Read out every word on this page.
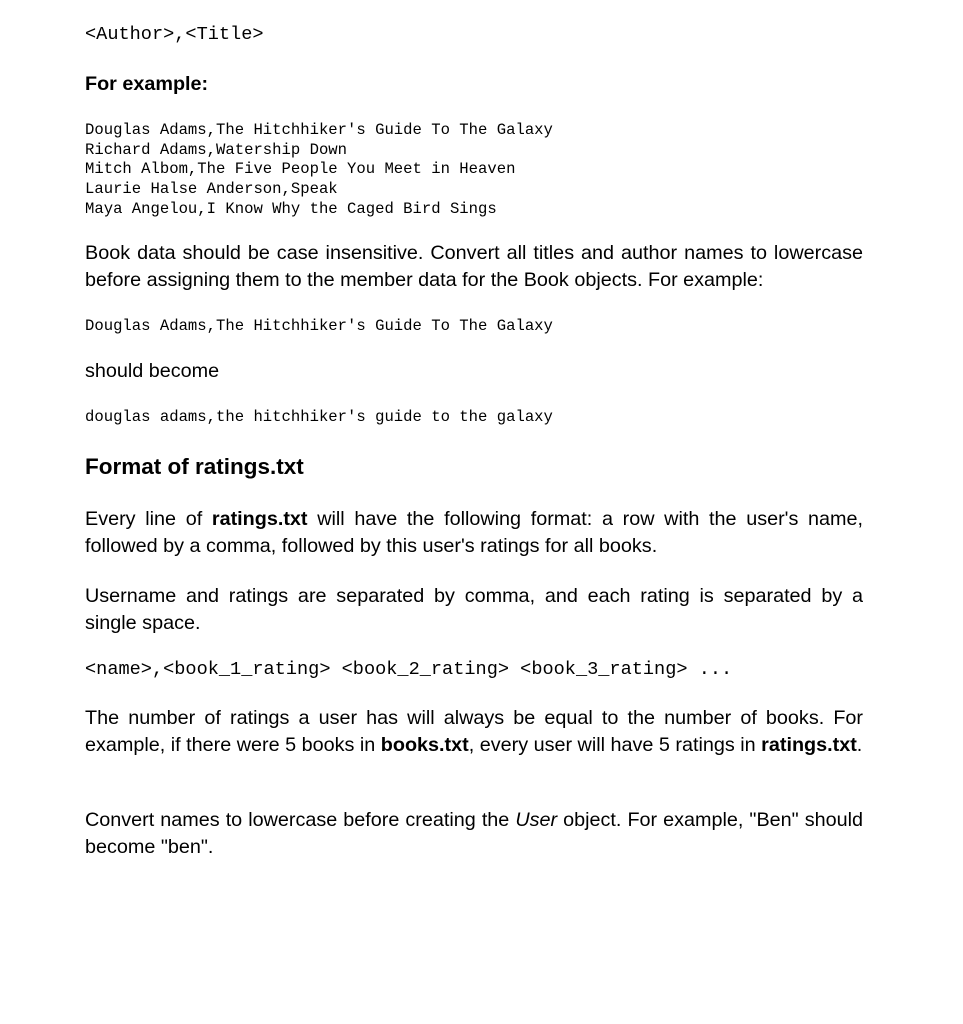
<Author>,<Title>
For example:
Douglas Adams,The Hitchhiker's Guide To The Galaxy
Richard Adams,Watership Down
Mitch Albom,The Five People You Meet in Heaven
Laurie Halse Anderson,Speak
Maya Angelou,I Know Why the Caged Bird Sings

Book data should be case insensitive. Convert all titles and author names to lowercase before assigning them to the member data for the Book objects. For example:

Douglas Adams,The Hitchhiker's Guide To The Galaxy

should become

douglas adams,the hitchhiker's guide to the galaxy
Format of ratings.txt

Every line of ratings.txt will have the following format: a row with the user's name, followed by a comma, followed by this user's ratings for all books.

Username and ratings are separated by comma, and each rating is separated by a single space.

<name>,<book_1_rating> <book_2_rating> <book_3_rating> ...

The number of ratings a user has will always be equal to the number of books. For example, if there were 5 books in books.txt, every user will have 5 ratings in ratings.txt.

Convert names to lowercase before creating the User object. For example, "Ben" should become "ben".
